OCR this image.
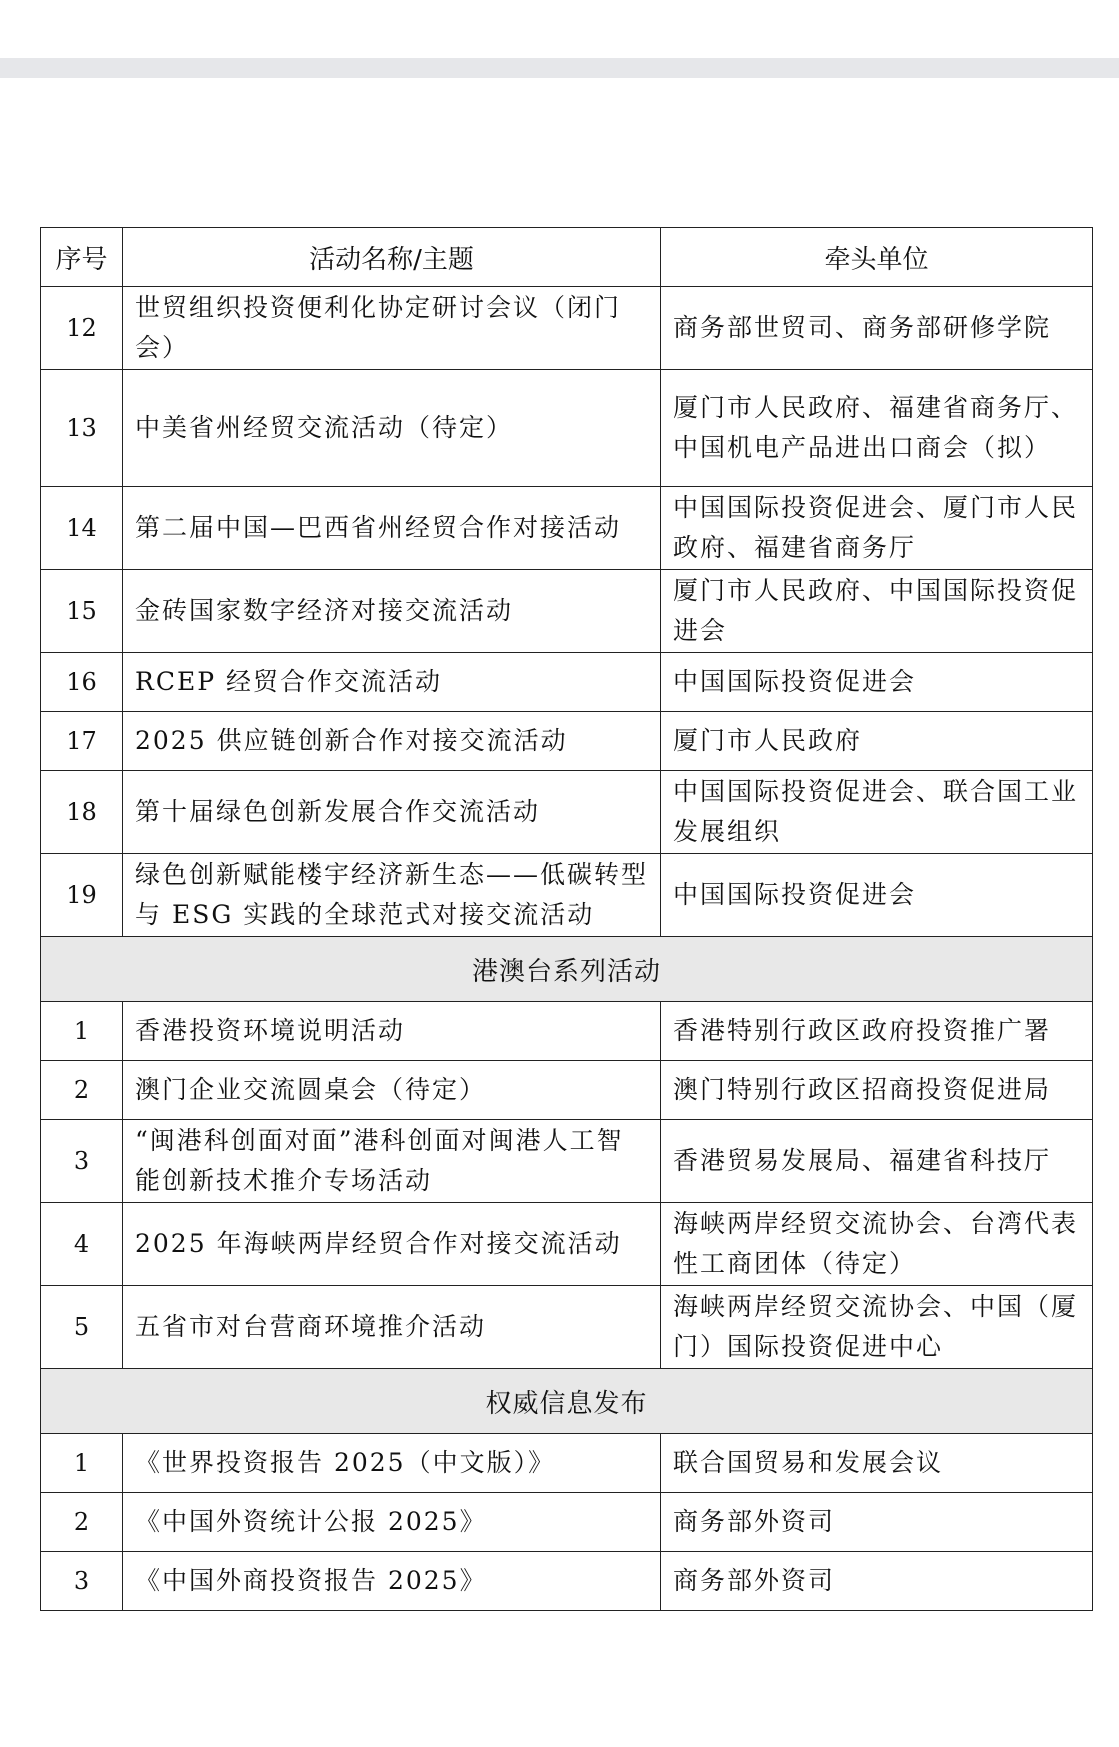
序号	活动名称/主题	牵头单位
12	世贸组织投资便利化协定研讨会议（闭门会）	商务部世贸司、商务部研修学院
13	中美省州经贸交流活动（待定）	厦门市人民政府、福建省商务厅、中国机电产品进出口商会（拟）
14	第二届中国—巴西省州经贸合作对接活动	中国国际投资促进会、厦门市人民政府、福建省商务厅
15	金砖国家数字经济对接交流活动	厦门市人民政府、中国国际投资促进会
16	RCEP 经贸合作交流活动	中国国际投资促进会
17	2025 供应链创新合作对接交流活动	厦门市人民政府
18	第十届绿色创新发展合作交流活动	中国国际投资促进会、联合国工业发展组织
19	绿色创新赋能楼宇经济新生态——低碳转型与 ESG 实践的全球范式对接交流活动	中国国际投资促进会
港澳台系列活动		
1	香港投资环境说明活动	香港特别行政区政府投资推广署
2	澳门企业交流圆桌会（待定）	澳门特别行政区招商投资促进局
3	“闽港科创面对面”港科创面对闽港人工智能创新技术推介专场活动	香港贸易发展局、福建省科技厅
4	2025 年海峡两岸经贸合作对接交流活动	海峡两岸经贸交流协会、台湾代表性工商团体（待定）
5	五省市对台营商环境推介活动	海峡两岸经贸交流协会、中国（厦门）国际投资促进中心
权威信息发布		
1	《世界投资报告 2025（中文版）》	联合国贸易和发展会议
2	《中国外资统计公报 2025》	商务部外资司
3	《中国外商投资报告 2025》	商务部外资司
